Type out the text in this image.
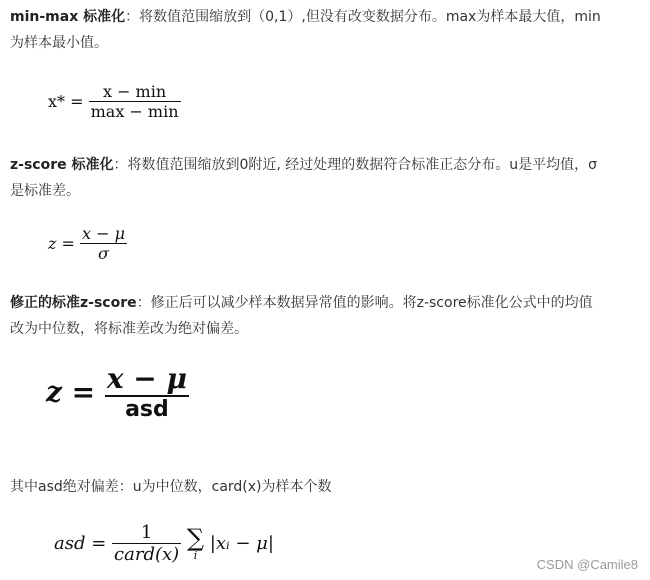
min-max 标准化：将数值范围缩放到（0,1）,但没有改变数据分布。max为样本最大值，min
为样本最小值。
$x* = \frac{x - \min}{\max - \min}$
z-score 标准化：将数值范围缩放到0附近, 经过处理的数据符合标准正态分布。u是平均值，σ
是标准差。
$z = \frac{x - \mu}{\sigma}$
修正的标准z-score：修正后可以减少样本数据异常值的影响。将z-score标准化公式中的均值
改为中位数，将标准差改为绝对偏差。
$z = \frac{x - \mu}{\text{asd}}$
其中asd绝对偏差：u为中位数，card(x)为样本个数
asd = $\frac{1}{\text{card(x)}}$
∑
i
|xᵢ − μ|
CSDN @Camile8
